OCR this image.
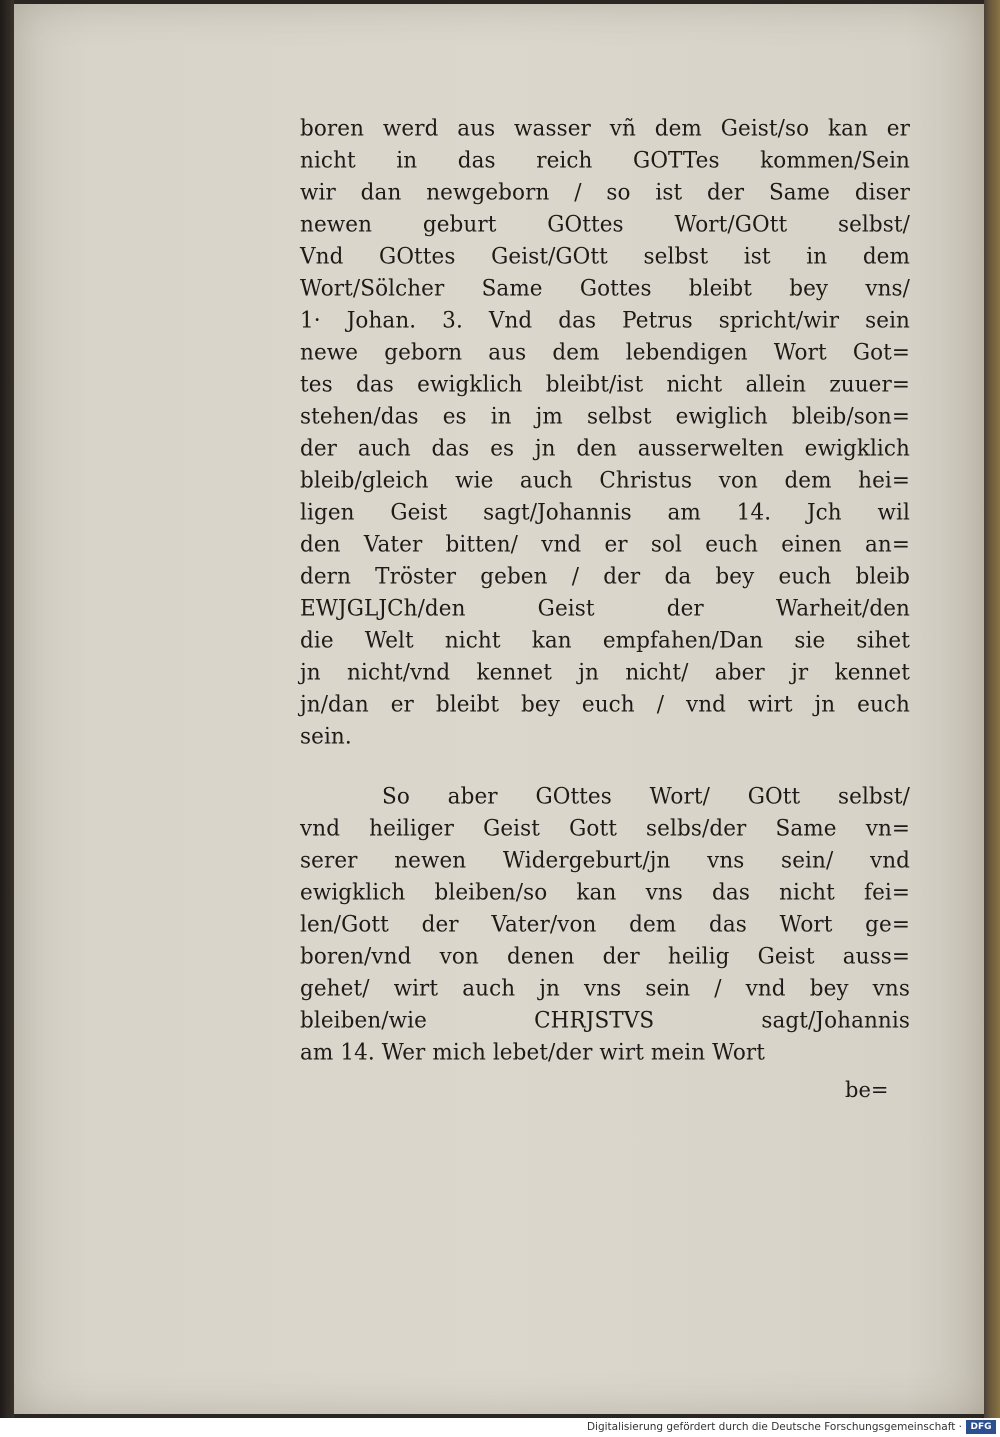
boren werd aus wasser vñ dem Geist/so kan er
nicht in das reich GOTTes kommen/Sein
wir dan newgeborn / so ist der Same diser
newen geburt GOttes Wort/GOtt selbst/
Vnd GOttes Geist/GOtt selbst ist in dem
Wort/Sölcher Same Gottes bleibt bey vns/
1· Johan. 3. Vnd das Petrus spricht/wir sein
newe geborn aus dem lebendigen Wort Got=
tes das ewigklich bleibt/ist nicht allein zuuer=
stehen/das es in jm selbst ewiglich bleib/son=
der auch das es jn den ausserwelten ewigklich
bleib/gleich wie auch Christus von dem hei=
ligen Geist sagt/Johannis am 14. Jch wil
den Vater bitten/ vnd er sol euch einen an=
dern Tröster geben / der da bey euch bleib
EWJGLJCh/den Geist der Warheit/den
die Welt nicht kan empfahen/Dan sie sihet
jn nicht/vnd kennet jn nicht/ aber jr kennet
jn/dan er bleibt bey euch / vnd wirt jn euch
sein.
So aber GOttes Wort/ GOtt selbst/
vnd heiliger Geist Gott selbs/der Same vn=
serer newen Widergeburt/jn vns sein/ vnd
ewigklich bleiben/so kan vns das nicht fei=
len/Gott der Vater/von dem das Wort ge=
boren/vnd von denen der heilig Geist auss=
gehet/ wirt auch jn vns sein / vnd bey vns
bleiben/wie CHRJSTVS sagt/Johannis
am 14. Wer mich lebet/der wirt mein Wort
be=
Digitalisierung gefördert durch die Deutsche Forschungsgemeinschaft · DFG
